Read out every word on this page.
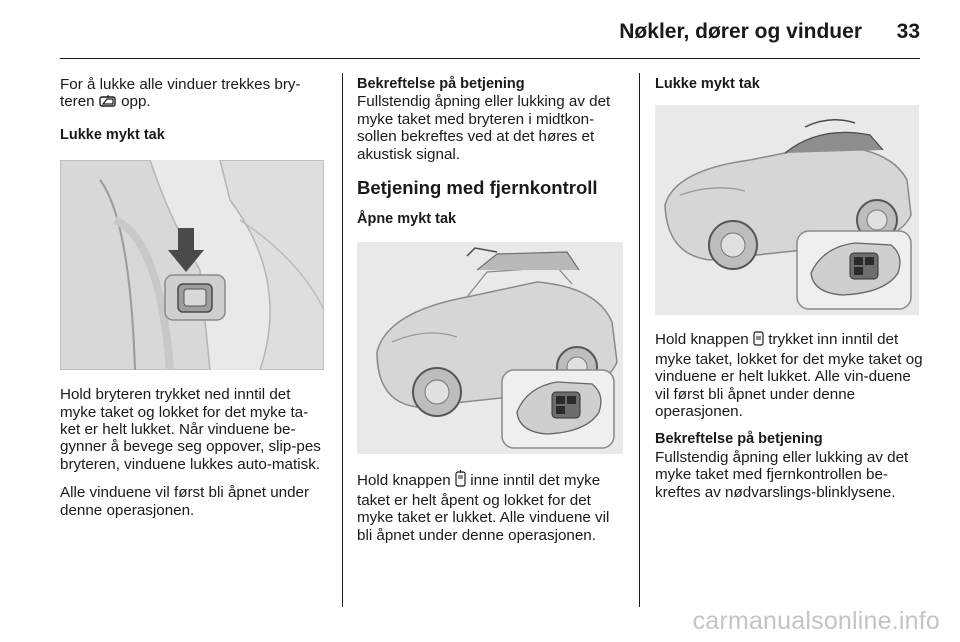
Nøkler, dører og vinduer 33

For å lukke alle vinduer trekkes bry-teren opp.

Lukke mykt tak

Hold bryteren trykket ned inntil det myke taket og lokket for det myke ta-ket er helt lukket. Når vinduene be-gynner å bevege seg oppover, slip-pes bryteren, vinduene lukkes auto-matisk.

Alle vinduene vil først bli åpnet under denne operasjonen.

Bekreftelse på betjening

Fullstendig åpning eller lukking av det myke taket med bryteren i midtkon-sollen bekreftes ved at det høres et akustisk signal.

Betjening med fjernkontroll

Åpne mykt tak

Hold knappen inne inntil det myke taket er helt åpent og lokket for det myke taket er lukket. Alle vinduene vil bli åpnet under denne operasjonen.

Lukke mykt tak

Hold knappen trykket inn inntil det myke taket, lokket for det myke taket og vinduene er helt lukket. Alle vin-duene vil først bli åpnet under denne operasjonen.

Bekreftelse på betjening

Fullstendig åpning eller lukking av det myke taket med fjernkontrollen be-kreftes av nødvarslings-blinklysene.

carmanualsonline.info
